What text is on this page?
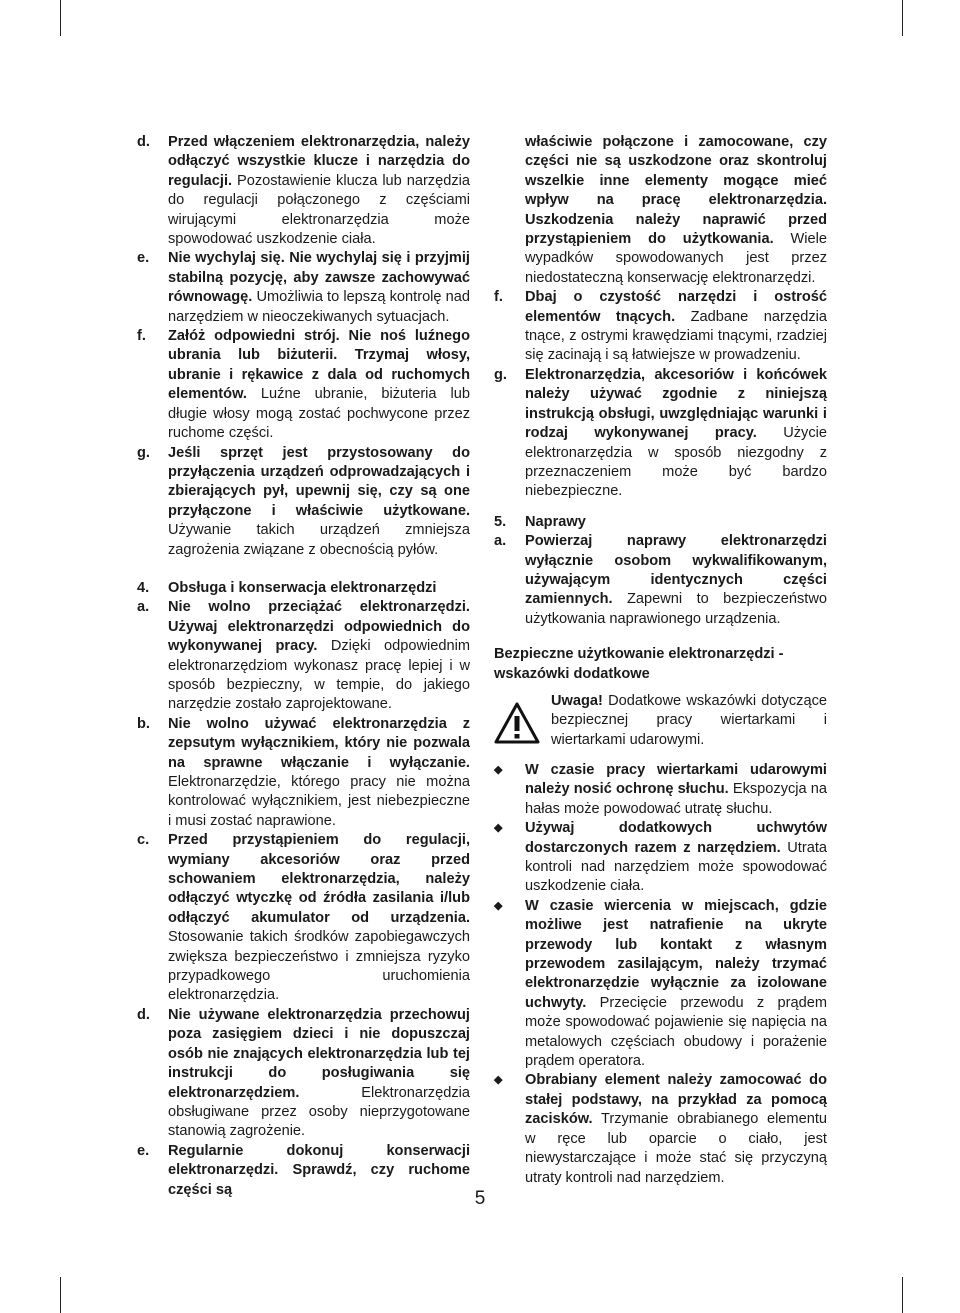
d. Przed włączeniem elektronarzędzia, należy odłączyć wszystkie klucze i narzędzia do regulacji. Pozostawienie klucza lub narzędzia do regulacji połączonego z częściami wirującymi elektronarzędzia może spowodować uszkodzenie ciała.
e. Nie wychylaj się. Nie wychylaj się i przyjmij stabilną pozycję, aby zawsze zachowywać równowagę. Umożliwia to lepszą kontrolę nad narzędziem w nieoczekiwanych sytuacjach.
f. Załóż odpowiedni strój. Nie noś luźnego ubrania lub biżuterii. Trzymaj włosy, ubranie i rękawice z dala od ruchomych elementów. Luźne ubranie, biżuteria lub długie włosy mogą zostać pochwycone przez ruchome części.
g. Jeśli sprzęt jest przystosowany do przyłączenia urządzeń odprowadzających i zbierających pył, upewnij się, czy są one przyłączone i właściwie użytkowane. Używanie takich urządzeń zmniejsza zagrożenia związane z obecnością pyłów.
4. Obsługa i konserwacja elektronarzędzi
a. Nie wolno przeciążać elektronarzędzi. Używaj elektronarzędzi odpowiednich do wykonywanej pracy. Dzięki odpowiednim elektronarzędziom wykonasz pracę lepiej i w sposób bezpieczny, w tempie, do jakiego narzędzie zostało zaprojektowane.
b. Nie wolno używać elektronarzędzia z zepsutym wyłącznikiem, który nie pozwala na sprawne włączanie i wyłączanie. Elektronarzędzie, którego pracy nie można kontrolować wyłącznikiem, jest niebezpieczne i musi zostać naprawione.
c. Przed przystąpieniem do regulacji, wymiany akcesoriów oraz przed schowaniem elektronarzędzia, należy odłączyć wtyczkę od źródła zasilania i/lub odłączyć akumulator od urządzenia. Stosowanie takich środków zapobiegawczych zwiększa bezpieczeństwo i zmniejsza ryzyko przypadkowego uruchomienia elektronarzędzia.
d. Nie używane elektronarzędzia przechowuj poza zasięgiem dzieci i nie dopuszczaj osób nie znających elektronarzędzia lub tej instrukcji do posługiwania się elektronarzędziem. Elektronarzędzia obsługiwane przez osoby nieprzygotowane stanowią zagrożenie.
e. Regularnie dokonuj konserwacji elektronarzędzi. Sprawdź, czy ruchome części są
właściwie połączone i zamocowane, czy części nie są uszkodzone oraz skontroluj wszelkie inne elementy mogące mieć wpływ na pracę elektronarzędzia. Uszkodzenia należy naprawić przed przystąpieniem do użytkowania. Wiele wypadków spowodowanych jest przez niedostateczną konserwację elektronarzędzi.
f. Dbaj o czystość narzędzi i ostrość elementów tnących. Zadbane narzędzia tnące, z ostrymi krawędziami tnącymi, rzadziej się zacinają i są łatwiejsze w prowadzeniu.
g. Elektronarzędzia, akcesoriów i końcówek należy używać zgodnie z niniejszą instrukcją obsługi, uwzględniając warunki i rodzaj wykonywanej pracy. Użycie elektronarzędzia w sposób niezgodny z przeznaczeniem może być bardzo niebezpieczne.
5. Naprawy
a. Powierzaj naprawy elektronarzędzi wyłącznie osobom wykwalifikowanym, używającym identycznych części zamiennych. Zapewni to bezpieczeństwo użytkowania naprawionego urządzenia.
Bezpieczne użytkowanie elektronarzędzi - wskazówki dodatkowe
Uwaga! Dodatkowe wskazówki dotyczące bezpiecznej pracy wiertarkami i wiertarkami udarowymi.
◆ W czasie pracy wiertarkami udarowymi należy nosić ochronę słuchu. Ekspozycja na hałas może powodować utratę słuchu.
◆ Używaj dodatkowych uchwytów dostarczonych razem z narzędziem. Utrata kontroli nad narzędziem może spowodować uszkodzenie ciała.
◆ W czasie wiercenia w miejscach, gdzie możliwe jest natrafienie na ukryte przewody lub kontakt z własnym przewodem zasilającym, należy trzymać elektronarzędzie wyłącznie za izolowane uchwyty. Przecięcie przewodu z prądem może spowodować pojawienie się napięcia na metalowych częściach obudowy i porażenie prądem operatora.
◆ Obrabiany element należy zamocować do stałej podstawy, na przykład za pomocą zacisków. Trzymanie obrabianego elementu w ręce lub oparcie o ciało, jest niewystarczające i może stać się przyczyną utraty kontroli nad narzędziem.
5
